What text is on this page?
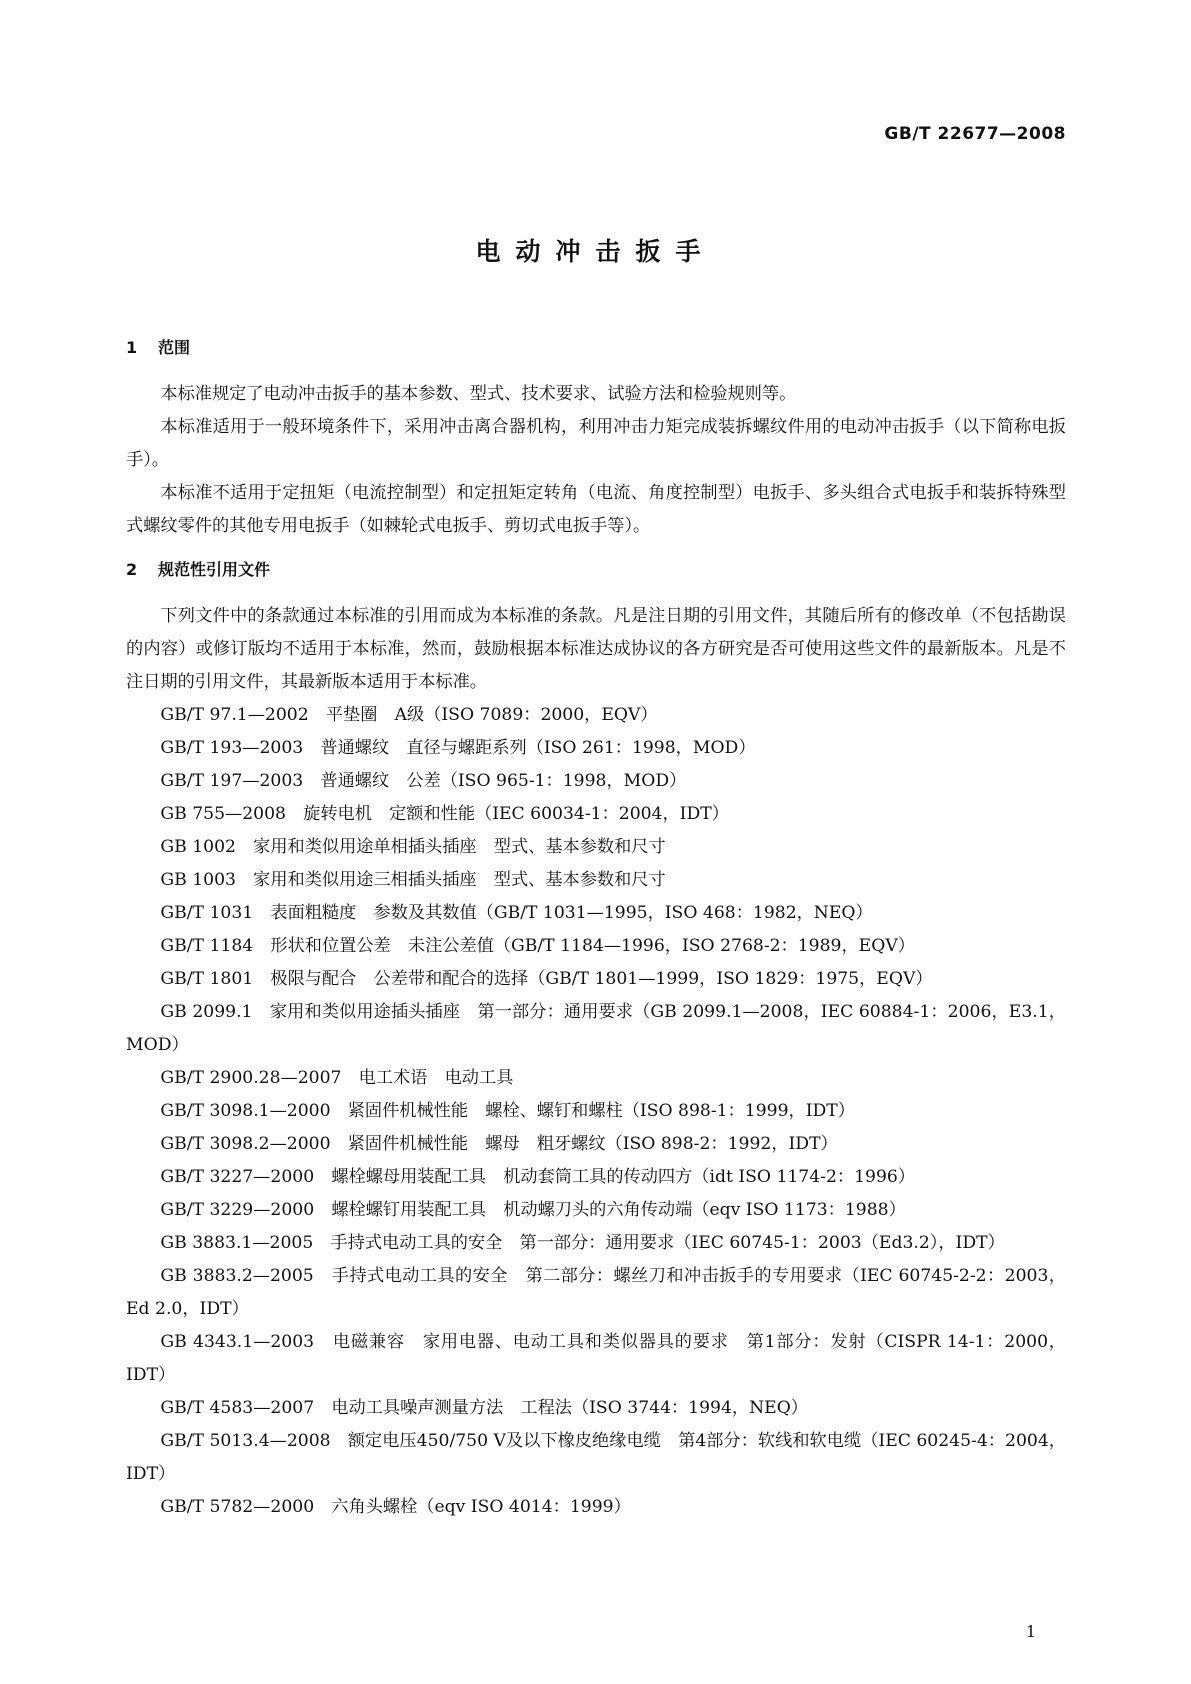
GB/T 22677—2008
电动冲击扳手
1 范围

本标准规定了电动冲击扳手的基本参数、型式、技术要求、试验方法和检验规则等。

本标准适用于一般环境条件下，采用冲击离合器机构，利用冲击力矩完成装拆螺纹件用的电动冲击扳手（以下简称电扳手）。

本标准不适用于定扭矩（电流控制型）和定扭矩定转角（电流、角度控制型）电扳手、多头组合式电扳手和装拆特殊型式螺纹零件的其他专用电扳手（如棘轮式电扳手、剪切式电扳手等）。

2 规范性引用文件

下列文件中的条款通过本标准的引用而成为本标准的条款。凡是注日期的引用文件，其随后所有的修改单（不包括勘误的内容）或修订版均不适用于本标准，然而，鼓励根据本标准达成协议的各方研究是否可使用这些文件的最新版本。凡是不注日期的引用文件，其最新版本适用于本标准。

GB/T 97.1—2002　平垫圈　A级（ISO 7089：2000，EQV）
GB/T 193—2003　普通螺纹　直径与螺距系列（ISO 261：1998，MOD）
GB/T 197—2003　普通螺纹　公差（ISO 965-1：1998，MOD）
GB 755—2008　旋转电机　定额和性能（IEC 60034-1：2004，IDT）
GB 1002　家用和类似用途单相插头插座　型式、基本参数和尺寸
GB 1003　家用和类似用途三相插头插座　型式、基本参数和尺寸
GB/T 1031　表面粗糙度　参数及其数值（GB/T 1031—1995，ISO 468：1982，NEQ）
GB/T 1184　形状和位置公差　未注公差值（GB/T 1184—1996，ISO 2768-2：1989，EQV）
GB/T 1801　极限与配合　公差带和配合的选择（GB/T 1801—1999，ISO 1829：1975，EQV）
GB 2099.1　家用和类似用途插头插座　第一部分：通用要求（GB 2099.1—2008，IEC 60884-1：2006，E3.1，MOD）
GB/T 2900.28—2007　电工术语　电动工具
GB/T 3098.1—2000　紧固件机械性能　螺栓、螺钉和螺柱（ISO 898-1：1999，IDT）
GB/T 3098.2—2000　紧固件机械性能　螺母　粗牙螺纹（ISO 898-2：1992，IDT）
GB/T 3227—2000　螺栓螺母用装配工具　机动套筒工具的传动四方（idt ISO 1174-2：1996）
GB/T 3229—2000　螺栓螺钉用装配工具　机动螺刀头的六角传动端（eqv ISO 1173：1988）
GB 3883.1—2005　手持式电动工具的安全　第一部分：通用要求（IEC 60745-1：2003（Ed3.2），IDT）
GB 3883.2—2005　手持式电动工具的安全　第二部分：螺丝刀和冲击扳手的专用要求（IEC 60745-2-2：2003，Ed 2.0，IDT）
GB 4343.1—2003　电磁兼容　家用电器、电动工具和类似器具的要求　第1部分：发射（CISPR 14-1：2000，IDT）
GB/T 4583—2007　电动工具噪声测量方法　工程法（ISO 3744：1994，NEQ）
GB/T 5013.4—2008　额定电压450/750 V及以下橡皮绝缘电缆　第4部分：软线和软电缆（IEC 60245-4：2004，IDT）
GB/T 5782—2000　六角头螺栓（eqv ISO 4014：1999）
1
